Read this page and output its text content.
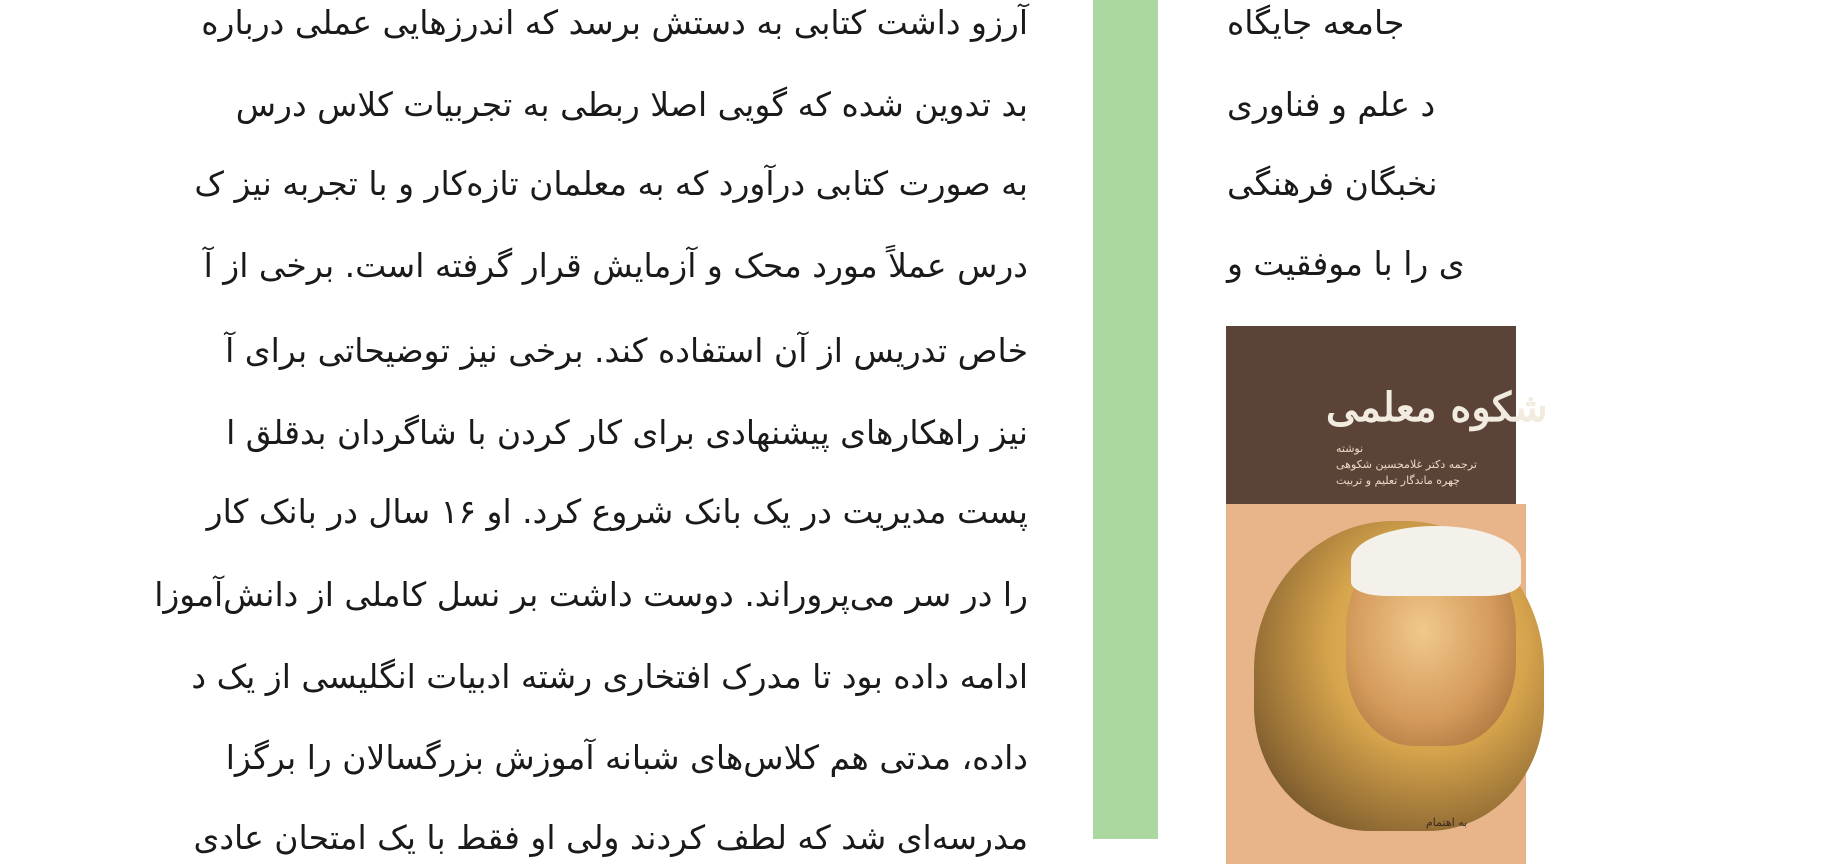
آرزو داشت کتابی به دستش برسد که اندرزهایی عملی درباره
بد تدوین شده که گویی اصلا ربطی به تجربیات کلاس درس
به صورت کتابی درآورد که به معلمان تازه‌کار و با تجربه نیز ک
درس عملاً مورد محک و آزمایش قرار گرفته است. برخی از آ
خاص تدریس از آن استفاده کند. برخی نیز توضیحاتی برای آ
نیز راهکارهای پیشنهادی برای کار کردن با شاگردان بدقلق ا
پست مدیریت در یک بانک شروع کرد. او ۱۶ سال در بانک کار
را در سر می‌پروراند. دوست داشت بر نسل کاملی از دانش‌آموزا
ادامه داده بود تا مدرک افتخاری رشته ادبیات انگلیسی از یک د
داده، مدتی هم کلاس‌های شبانه آموزش بزرگسالان را برگزا
مدرسه‌ای شد که لطف کردند ولی او فقط با یک امتحان عادی
جامعه جایگاه
د علم و فناوری
نخبگان فرهنگی
ی را با موفقیت و
شکوه معلمی
نوشته
ترجمه دکتر غلامحسین شکوهی
چهره ماندگار تعلیم و تربیت
به اهتمام
